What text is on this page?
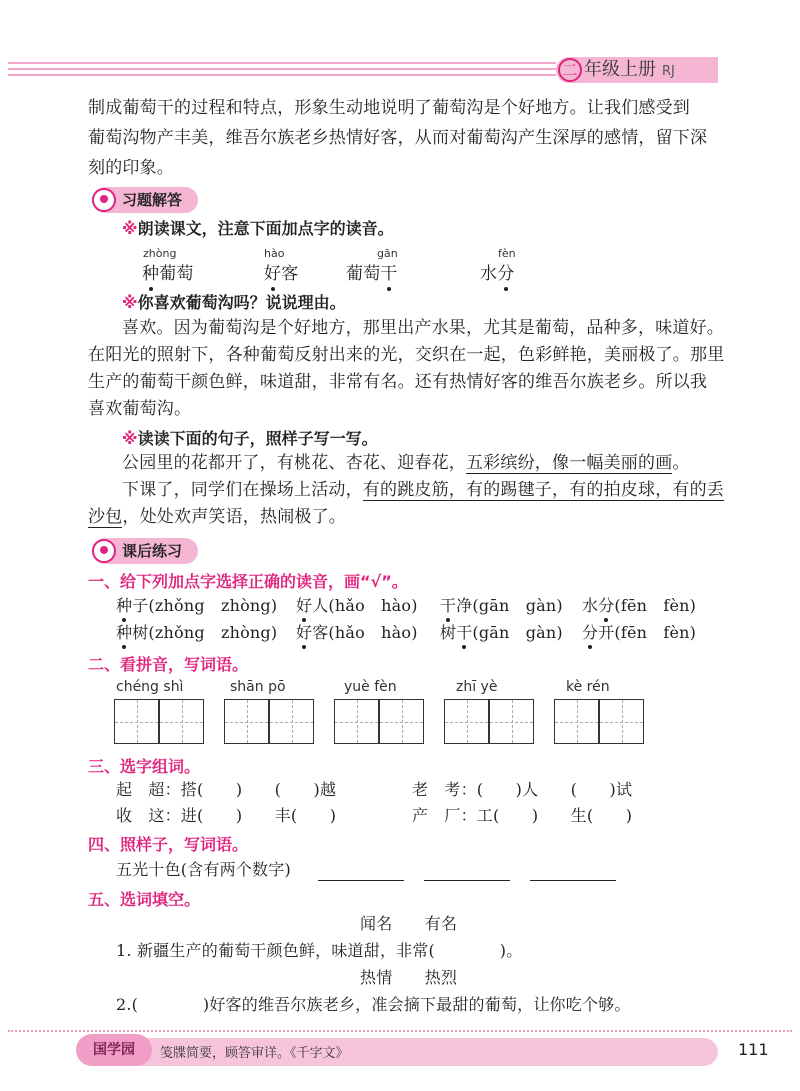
二 年级上册 RJ
制成葡萄干的过程和特点，形象生动地说明了葡萄沟是个好地方。让我们感受到
葡萄沟物产丰美，维吾尔族老乡热情好客，从而对葡萄沟产生深厚的感情，留下深
刻的印象。
习题解答
※朗读课文，注意下面加点字的读音。
zhòng	hào	gān	fèn
种葡萄	好客	葡萄干	水分
※你喜欢葡萄沟吗？说说理由。
喜欢。因为葡萄沟是个好地方，那里出产水果，尤其是葡萄，品种多，味道好。
在阳光的照射下，各种葡萄反射出来的光，交织在一起，色彩鲜艳，美丽极了。那里
生产的葡萄干颜色鲜，味道甜，非常有名。还有热情好客的维吾尔族老乡。所以我
喜欢葡萄沟。
※读读下面的句子，照样子写一写。
公园里的花都开了，有桃花、杏花、迎春花，五彩缤纷，像一幅美丽的画。
下课了，同学们在操场上活动，有的跳皮筋，有的踢毽子，有的拍皮球，有的丢
沙包，处处欢声笑语，热闹极了。
课后练习
一、给下列加点字选择正确的读音，画“√”。
种子(zhǒng　zhòng) 好人(hǎo　hào) 干净(gān　gàn) 水分(fēn　fèn)
种树(zhǒng　zhòng) 好客(hǎo　hào) 树干(gān　gàn) 分开(fēn　fèn)
二、看拼音，写词语。
chéng shì	shān pō	yuè fèn	zhī yè	kè rén
三、选字组词。
起　超：搭(　　)　　(　　)越	老　考：(　　)人　　(　　)试
收　这：进(　　)　　丰(　　)	产　厂：工(　　)　　生(　　)
四、照样子，写词语。
五光十色(含有两个数字)
五、选词填空。
闻名　　有名
1. 新疆生产的葡萄干颜色鲜，味道甜，非常(　　　　)。
热情　　热烈
2.(　　　　)好客的维吾尔族老乡，准会摘下最甜的葡萄，让你吃个够。
国学园	笺牒简要，顾答审详。《千字文》	111
